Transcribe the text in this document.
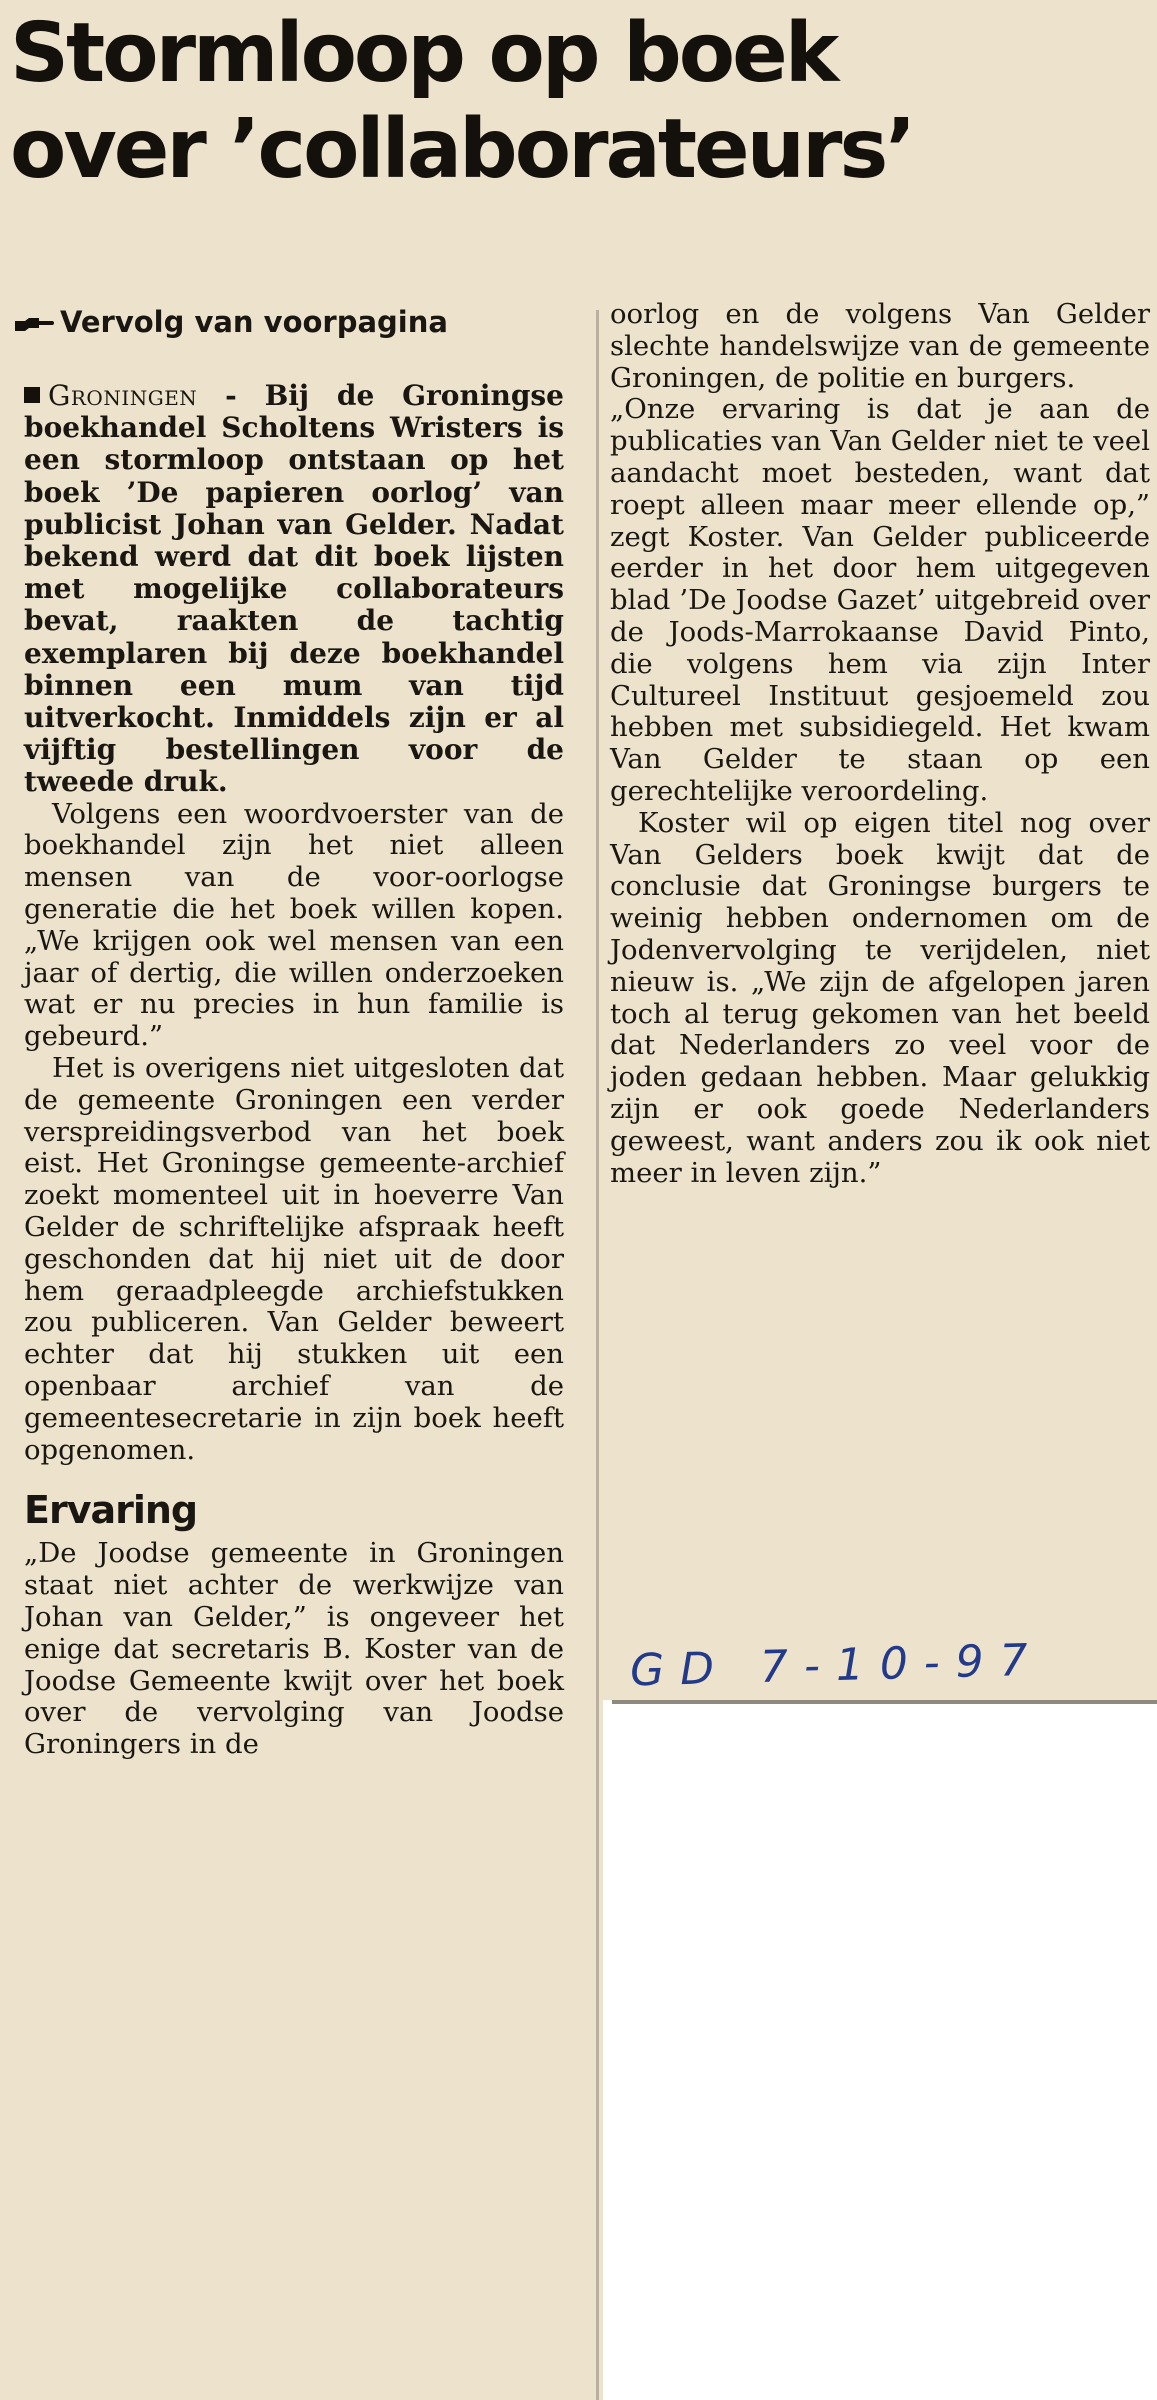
Stormloop op boek
over ’collaborateurs’
Vervolg van voorpagina

Groningen - Bij de Groningse boekhandel Scholtens Wristers is een stormloop ontstaan op het boek ’De papieren oorlog’ van publicist Johan van Gelder. Nadat bekend werd dat dit boek lijsten met mogelijke collaborateurs bevat, raakten de tachtig exemplaren bij deze boekhandel binnen een mum van tijd uitverkocht. Inmiddels zijn er al vijftig bestellingen voor de tweede druk.

Volgens een woordvoerster van de boekhandel zijn het niet alleen mensen van de voor-oorlogse generatie die het boek willen kopen. „We krijgen ook wel mensen van een jaar of dertig, die willen onderzoeken wat er nu precies in hun familie is gebeurd.”

Het is overigens niet uitgesloten dat de gemeente Groningen een verder verspreidingsverbod van het boek eist. Het Groningse gemeente-archief zoekt momenteel uit in hoeverre Van Gelder de schriftelijke afspraak heeft geschonden dat hij niet uit de door hem geraadpleegde archiefstukken zou publiceren. Van Gelder beweert echter dat hij stukken uit een openbaar archief van de gemeentesecretarie in zijn boek heeft opgenomen.

Ervaring

„De Joodse gemeente in Groningen staat niet achter de werkwijze van Johan van Gelder,” is ongeveer het enige dat secretaris B. Koster van de Joodse Gemeente kwijt over het boek over de vervolging van Joodse Groningers in de

oorlog en de volgens Van Gelder slechte handelswijze van de gemeente Groningen, de politie en burgers.

„Onze ervaring is dat je aan de publicaties van Van Gelder niet te veel aandacht moet besteden, want dat roept alleen maar meer ellende op,” zegt Koster. Van Gelder publiceerde eerder in het door hem uitgegeven blad ’De Joodse Gazet’ uitgebreid over de Joods-Marrokaanse David Pinto, die volgens hem via zijn Inter Cultureel Instituut gesjoemeld zou hebben met subsidiegeld. Het kwam Van Gelder te staan op een gerechtelijke veroordeling.

Koster wil op eigen titel nog over Van Gelders boek kwijt dat de conclusie dat Groningse burgers te weinig hebben ondernomen om de Jodenvervolging te verijdelen, niet nieuw is. „We zijn de afgelopen jaren toch al terug gekomen van het beeld dat Nederlanders zo veel voor de joden gedaan hebben. Maar gelukkig zijn er ook goede Nederlanders geweest, want anders zou ik ook niet meer in leven zijn.”

GD 7-10-97
